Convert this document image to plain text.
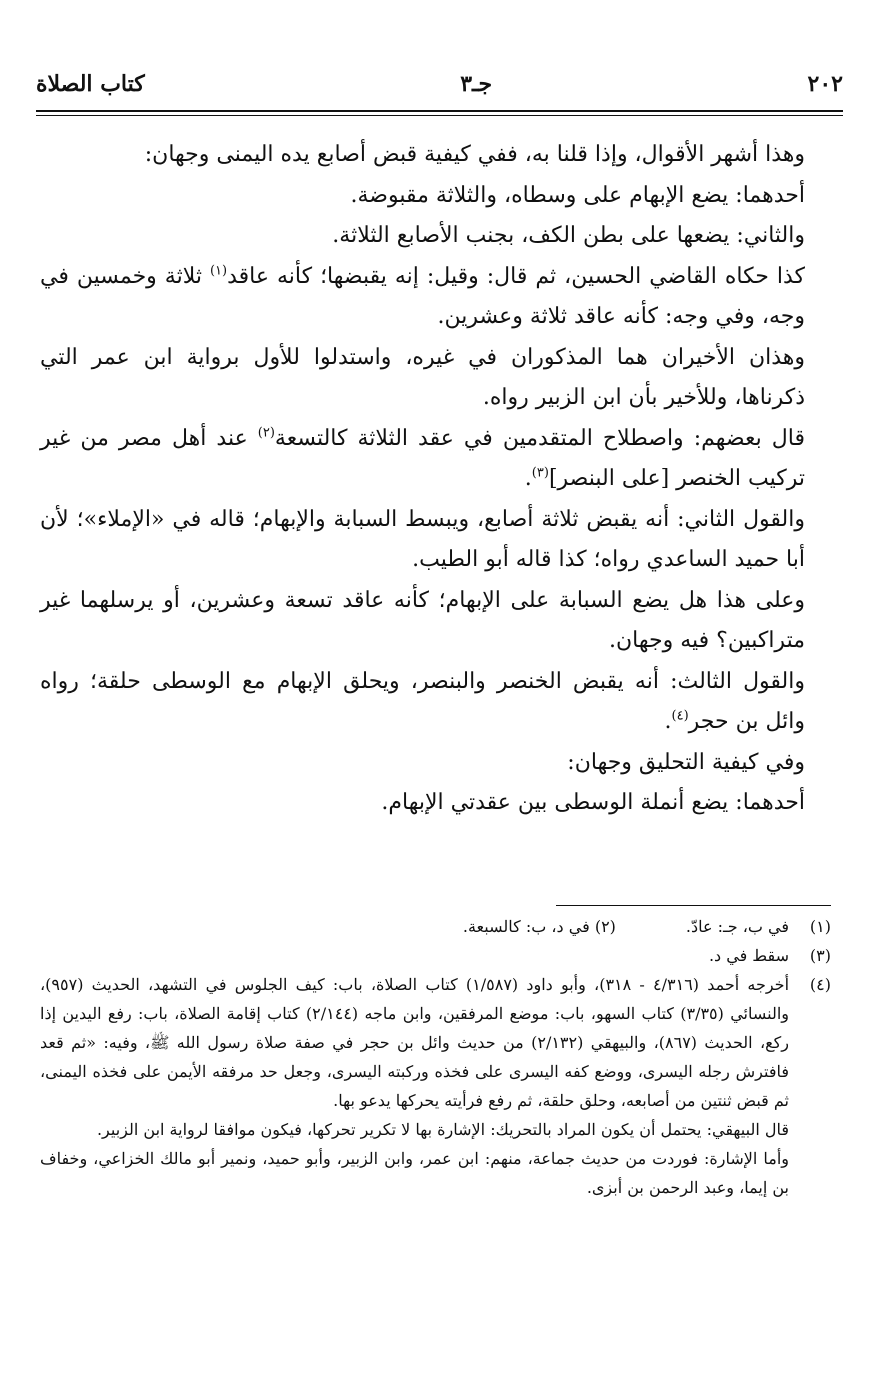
٢٠٢
جـ٣
كتاب الصلاة

وهذا أشهر الأقوال، وإذا قلنا به، ففي كيفية قبض أصابع يده اليمنى وجهان:

أحدهما: يضع الإبهام على وسطاه، والثلاثة مقبوضة.

والثاني: يضعها على بطن الكف، بجنب الأصابع الثلاثة.

كذا حكاه القاضي الحسين، ثم قال: وقيل: إنه يقبضها؛ كأنه عاقد$^{(١)}$ ثلاثة وخمسين في وجه، وفي وجه: كأنه عاقد ثلاثة وعشرين.

وهذان الأخيران هما المذكوران في غيره، واستدلوا للأول برواية ابن عمر التي ذكرناها، وللأخير بأن ابن الزبير رواه.

قال بعضهم: واصطلاح المتقدمين في عقد الثلاثة كالتسعة$^{(٢)}$ عند أهل مصر من غير تركيب الخنصر [على البنصر]$^{(٣)}$.

والقول الثاني: أنه يقبض ثلاثة أصابع، ويبسط السبابة والإبهام؛ قاله في «الإملاء»؛ لأن أبا حميد الساعدي رواه؛ كذا قاله أبو الطيب.

وعلى هذا هل يضع السبابة على الإبهام؛ كأنه عاقد تسعة وعشرين، أو يرسلهما غير متراكبين؟ فيه وجهان.

والقول الثالث: أنه يقبض الخنصر والبنصر، ويحلق الإبهام مع الوسطى حلقة؛ رواه وائل بن حجر$^{(٤)}$.

وفي كيفية التحليق وجهان:

أحدهما: يضع أنملة الوسطى بين عقدتي الإبهام.

(١)
في ب، جـ: عادّ.(٢) في د، ب: كالسبعة.
(٣)
سقط في د.
(٤)

أخرجه أحمد (٤/٣١٦ - ٣١٨)، وأبو داود (١/٥٨٧) كتاب الصلاة، باب: كيف الجلوس في التشهد، الحديث (٩٥٧)، والنسائي (٣/٣٥) كتاب السهو، باب: موضع المرفقين، وابن ماجه (٢/١٤٤) كتاب إقامة الصلاة، باب: رفع اليدين إذا ركع، الحديث (٨٦٧)، والبيهقي (٢/١٣٢) من حديث وائل بن حجر في صفة صلاة رسول الله ﷺ، وفيه: «ثم قعد فافترش رجله اليسرى، ووضع كفه اليسرى على فخذه وركبته اليسرى، وجعل حد مرفقه الأيمن على فخذه اليمنى، ثم قبض ثنتين من أصابعه، وحلق حلقة، ثم رفع فرأيته يحركها يدعو بها.

قال البيهقي: يحتمل أن يكون المراد بالتحريك: الإشارة بها لا تكرير تحركها، فيكون موافقا لرواية ابن الزبير.

وأما الإشارة: فوردت من حديث جماعة، منهم: ابن عمر، وابن الزبير، وأبو حميد، ونمير أبو مالك الخزاعي، وخفاف بن إيما، وعبد الرحمن بن أبزى.
